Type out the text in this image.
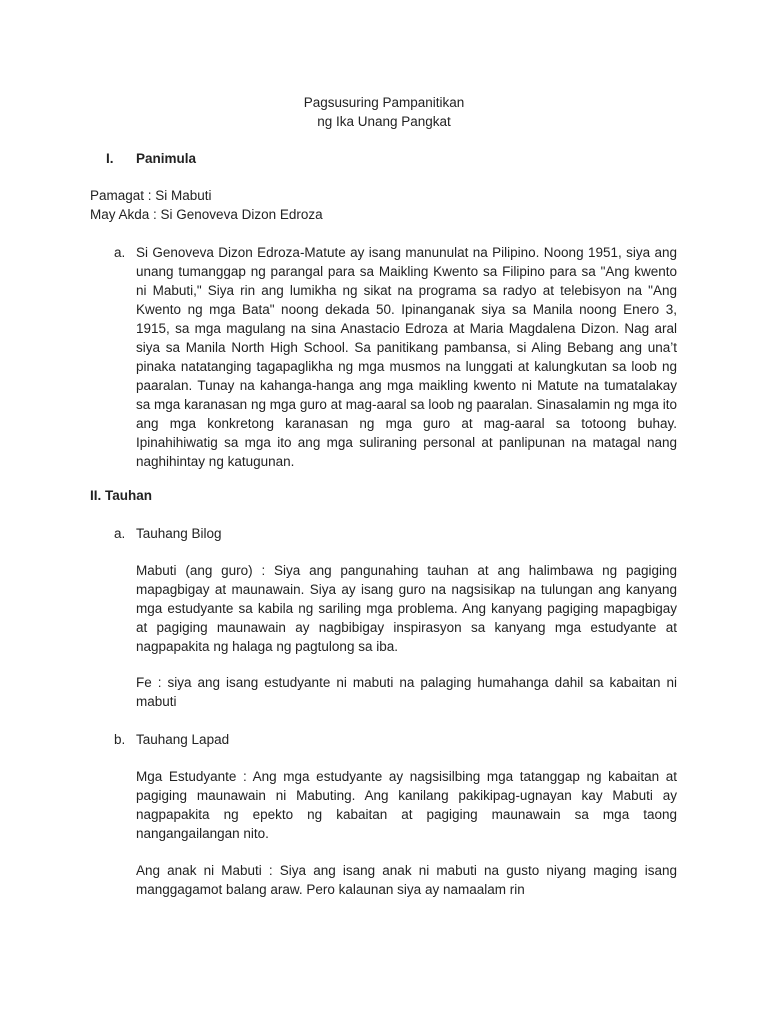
Pagsusuring Pampanitikan
ng Ika Unang Pangkat
I. Panimula
Pamagat : Si Mabuti
May Akda : Si Genoveva Dizon Edroza
a. Si Genoveva Dizon Edroza-Matute ay isang manunulat na Pilipino. Noong 1951, siya ang unang tumanggap ng parangal para sa Maikling Kwento sa Filipino para sa "Ang kwento ni Mabuti," Siya rin ang lumikha ng sikat na programa sa radyo at telebisyon na "Ang Kwento ng mga Bata" noong dekada 50. Ipinanganak siya sa Manila noong Enero 3, 1915, sa mga magulang na sina Anastacio Edroza at Maria Magdalena Dizon. Nag aral siya sa Manila North High School. Sa panitikang pambansa, si Aling Bebang ang una’t pinaka natatanging tagapaglikha ng mga musmos na lunggati at kalungkutan sa loob ng paaralan. Tunay na kahanga-hanga ang mga maikling kwento ni Matute na tumatalakay sa mga karanasan ng mga guro at mag-aaral sa loob ng paaralan. Sinasalamin ng mga ito ang mga konkretong karanasan ng mga guro at mag-aaral sa totoong buhay. Ipinahihiwatig sa mga ito ang mga suliraning personal at panlipunan na matagal nang naghihintay ng katugunan.
II. Tauhan
a. Tauhang Bilog
Mabuti (ang guro) : Siya ang pangunahing tauhan at ang halimbawa ng pagiging mapagbigay at maunawain. Siya ay isang guro na nagsisikap na tulungan ang kanyang mga estudyante sa kabila ng sariling mga problema. Ang kanyang pagiging mapagbigay at pagiging maunawain ay nagbibigay inspirasyon sa kanyang mga estudyante at nagpapakita ng halaga ng pagtulong sa iba.
Fe : siya ang isang estudyante ni mabuti na palaging humahanga dahil sa kabaitan ni mabuti
b. Tauhang Lapad
Mga Estudyante : Ang mga estudyante ay nagsisilbing mga tatanggap ng kabaitan at pagiging maunawain ni Mabuting. Ang kanilang pakikipag-ugnayan kay Mabuti ay nagpapakita ng epekto ng kabaitan at pagiging maunawain sa mga taong nangangailangan nito.
Ang anak ni Mabuti : Siya ang isang anak ni mabuti na gusto niyang maging isang manggagamot balang araw. Pero kalaunan siya ay namaalam rin
